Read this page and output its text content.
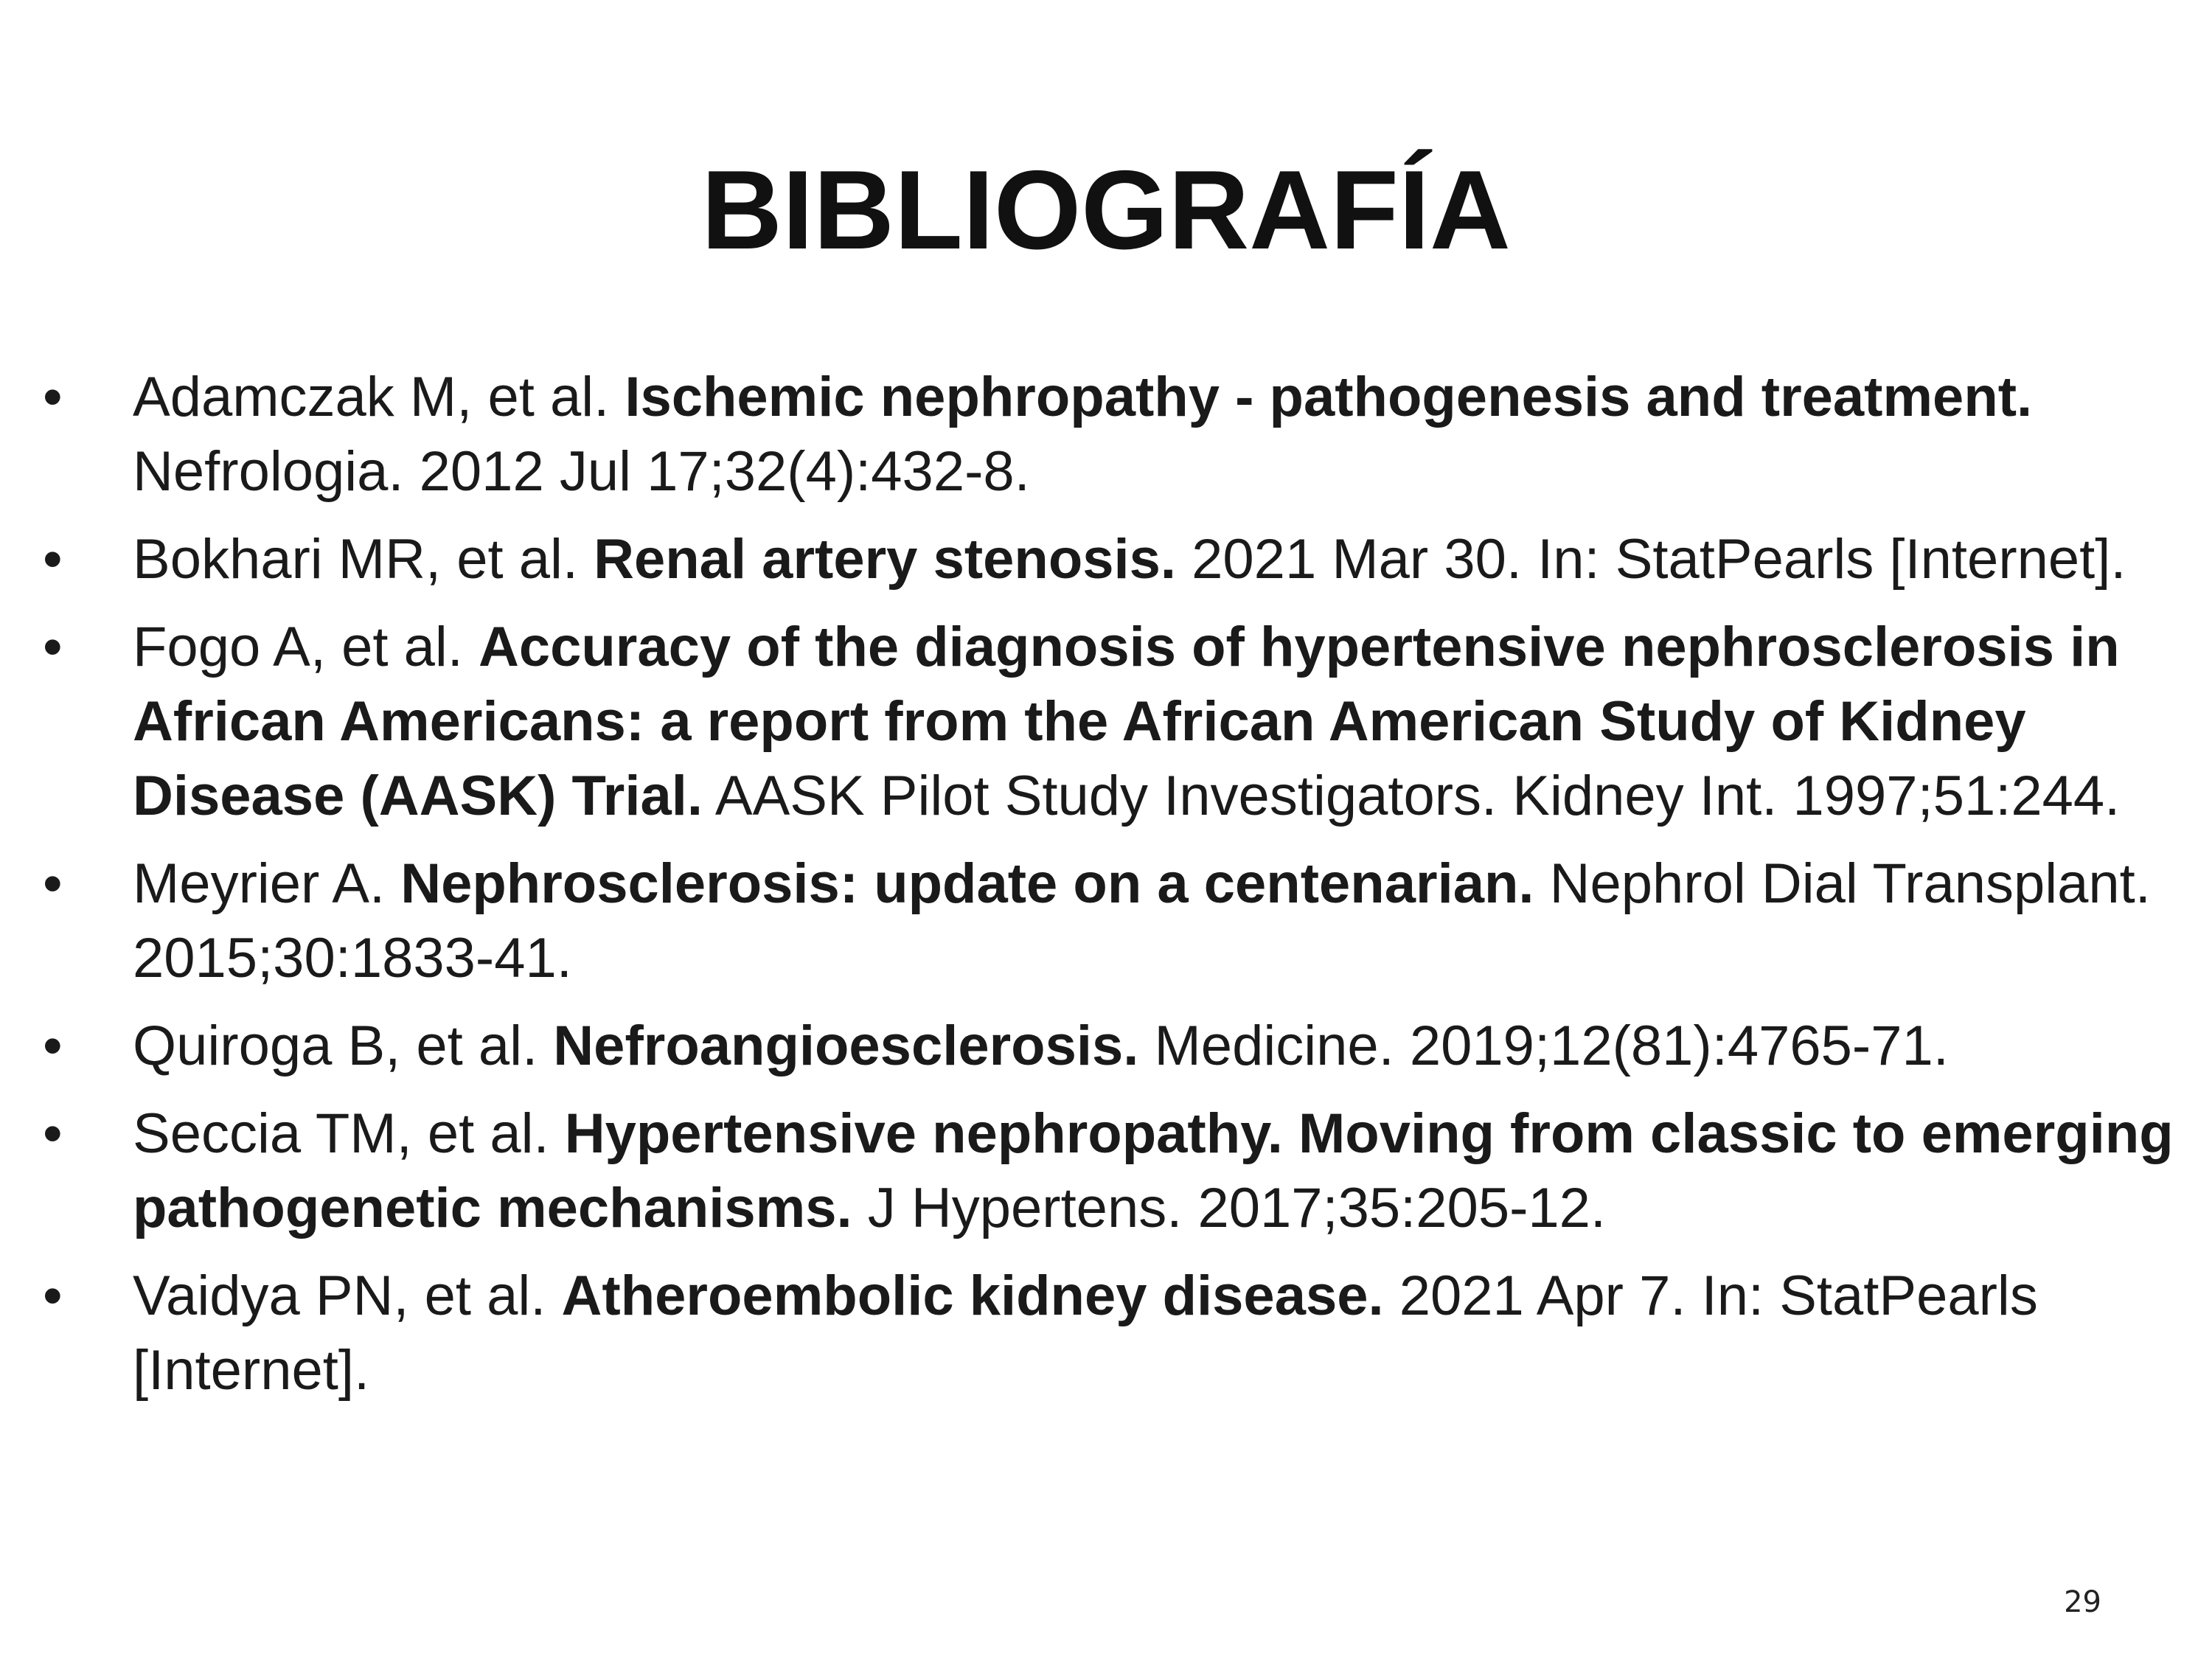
BIBLIOGRAFÍA
• Adamczak M, et al. Ischemic nephropathy - pathogenesis and treatment. Nefrologia. 2012 Jul 17;32(4):432-8.
• Bokhari MR, et al. Renal artery stenosis. 2021 Mar 30. In: StatPearls [Internet].
• Fogo A, et al. Accuracy of the diagnosis of hypertensive nephrosclerosis in African Americans: a report from the African American Study of Kidney Disease (AASK) Trial. AASK Pilot Study Investigators. Kidney Int. 1997;51:244.
• Meyrier A. Nephrosclerosis: update on a centenarian. Nephrol Dial Transplant. 2015;30:1833-41.
• Quiroga B, et al. Nefroangioesclerosis. Medicine. 2019;12(81):4765-71.
• Seccia TM, et al. Hypertensive nephropathy. Moving from classic to emerging pathogenetic mechanisms. J Hypertens. 2017;35:205-12.
• Vaidya PN, et al. Atheroembolic kidney disease. 2021 Apr 7. In: StatPearls [Internet].
29
